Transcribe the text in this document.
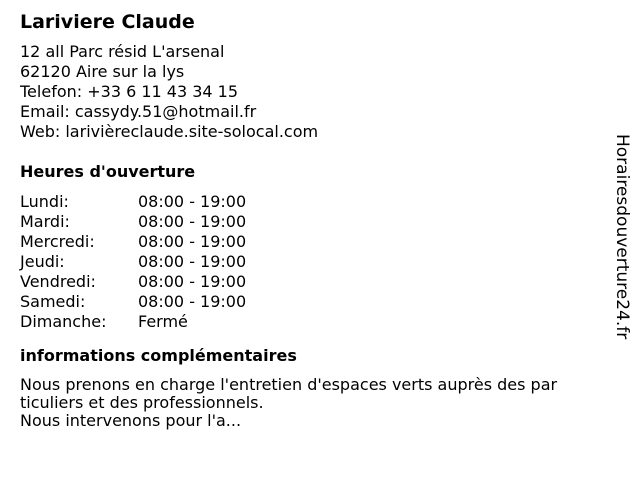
Lariviere Claude
12 all Parc résid L'arsenal
62120 Aire sur la lys
Telefon: +33 6 11 43 34 15
Email: cassydy.51@hotmail.fr
Web: larivièreclaude.site-solocal.com
Heures d'ouverture
Lundi:	08:00 - 19:00
Mardi:	08:00 - 19:00
Mercredi:	08:00 - 19:00
Jeudi:	08:00 - 19:00
Vendredi:	08:00 - 19:00
Samedi:	08:00 - 19:00
Dimanche:	Fermé
informations complémentaires
Nous prenons en charge l'entretien d'espaces verts auprès des particuliers et des professionnels.
Nous intervenons pour l'a...
Horairesdouverture24.fr
